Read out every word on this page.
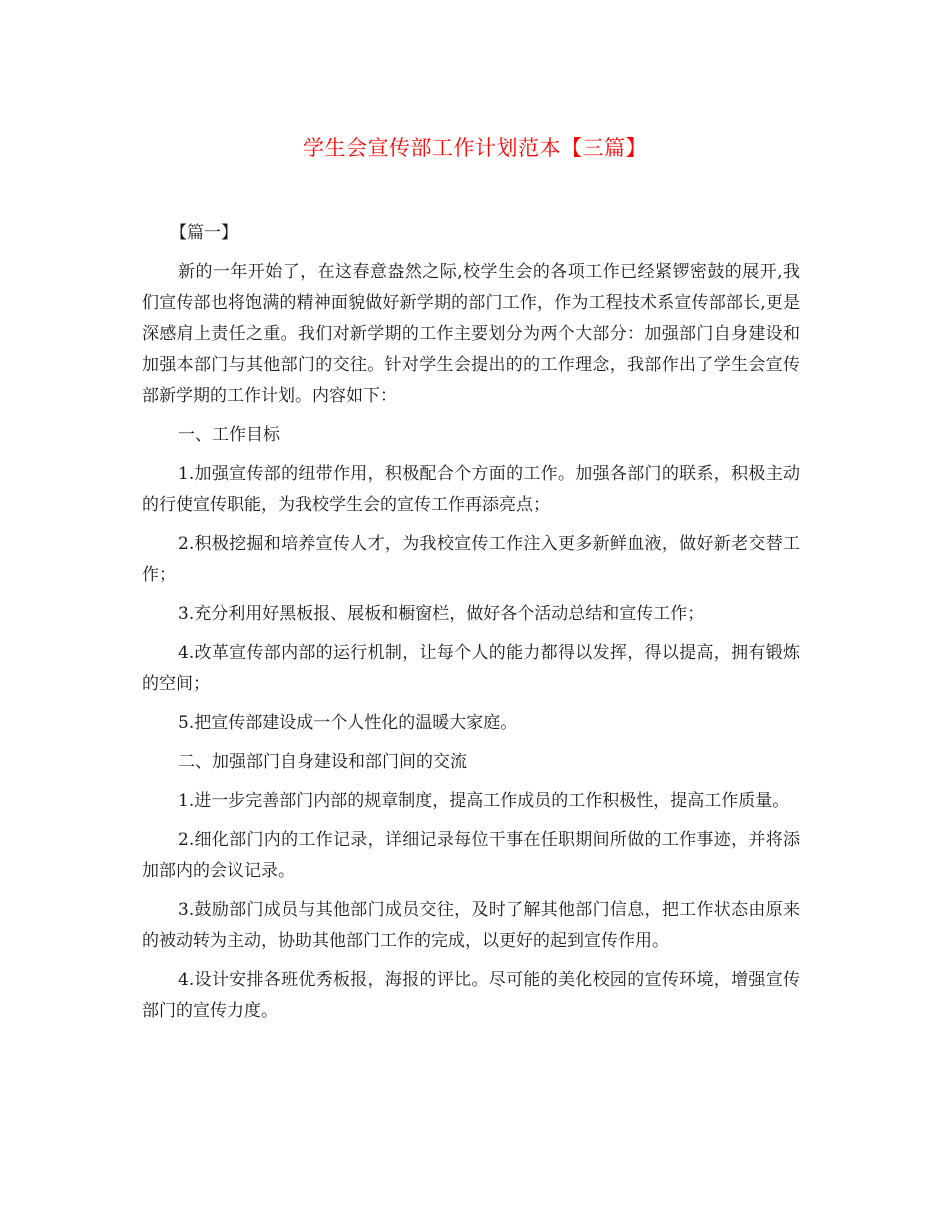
学生会宣传部工作计划范本【三篇】

【篇一】

新的一年开始了，在这春意盎然之际,校学生会的各项工作已经紧锣密鼓的展开,我们宣传部也将饱满的精神面貌做好新学期的部门工作，作为工程技术系宣传部部长,更是深感肩上责任之重。我们对新学期的工作主要划分为两个大部分：加强部门自身建设和加强本部门与其他部门的交往。针对学生会提出的的工作理念，我部作出了学生会宣传部新学期的工作计划。内容如下：

一、工作目标

1.加强宣传部的纽带作用，积极配合个方面的工作。加强各部门的联系，积极主动的行使宣传职能，为我校学生会的宣传工作再添亮点；

2.积极挖掘和培养宣传人才，为我校宣传工作注入更多新鲜血液，做好新老交替工作；

3.充分利用好黑板报、展板和橱窗栏，做好各个活动总结和宣传工作；

4.改革宣传部内部的运行机制，让每个人的能力都得以发挥，得以提高，拥有锻炼的空间；

5.把宣传部建设成一个人性化的温暖大家庭。

二、加强部门自身建设和部门间的交流

1.进一步完善部门内部的规章制度，提高工作成员的工作积极性，提高工作质量。

2.细化部门内的工作记录，详细记录每位干事在任职期间所做的工作事迹，并将添加部内的会议记录。

3.鼓励部门成员与其他部门成员交往，及时了解其他部门信息，把工作状态由原来的被动转为主动，协助其他部门工作的完成，以更好的起到宣传作用。

4.设计安排各班优秀板报，海报的评比。尽可能的美化校园的宣传环境，增强宣传部门的宣传力度。
